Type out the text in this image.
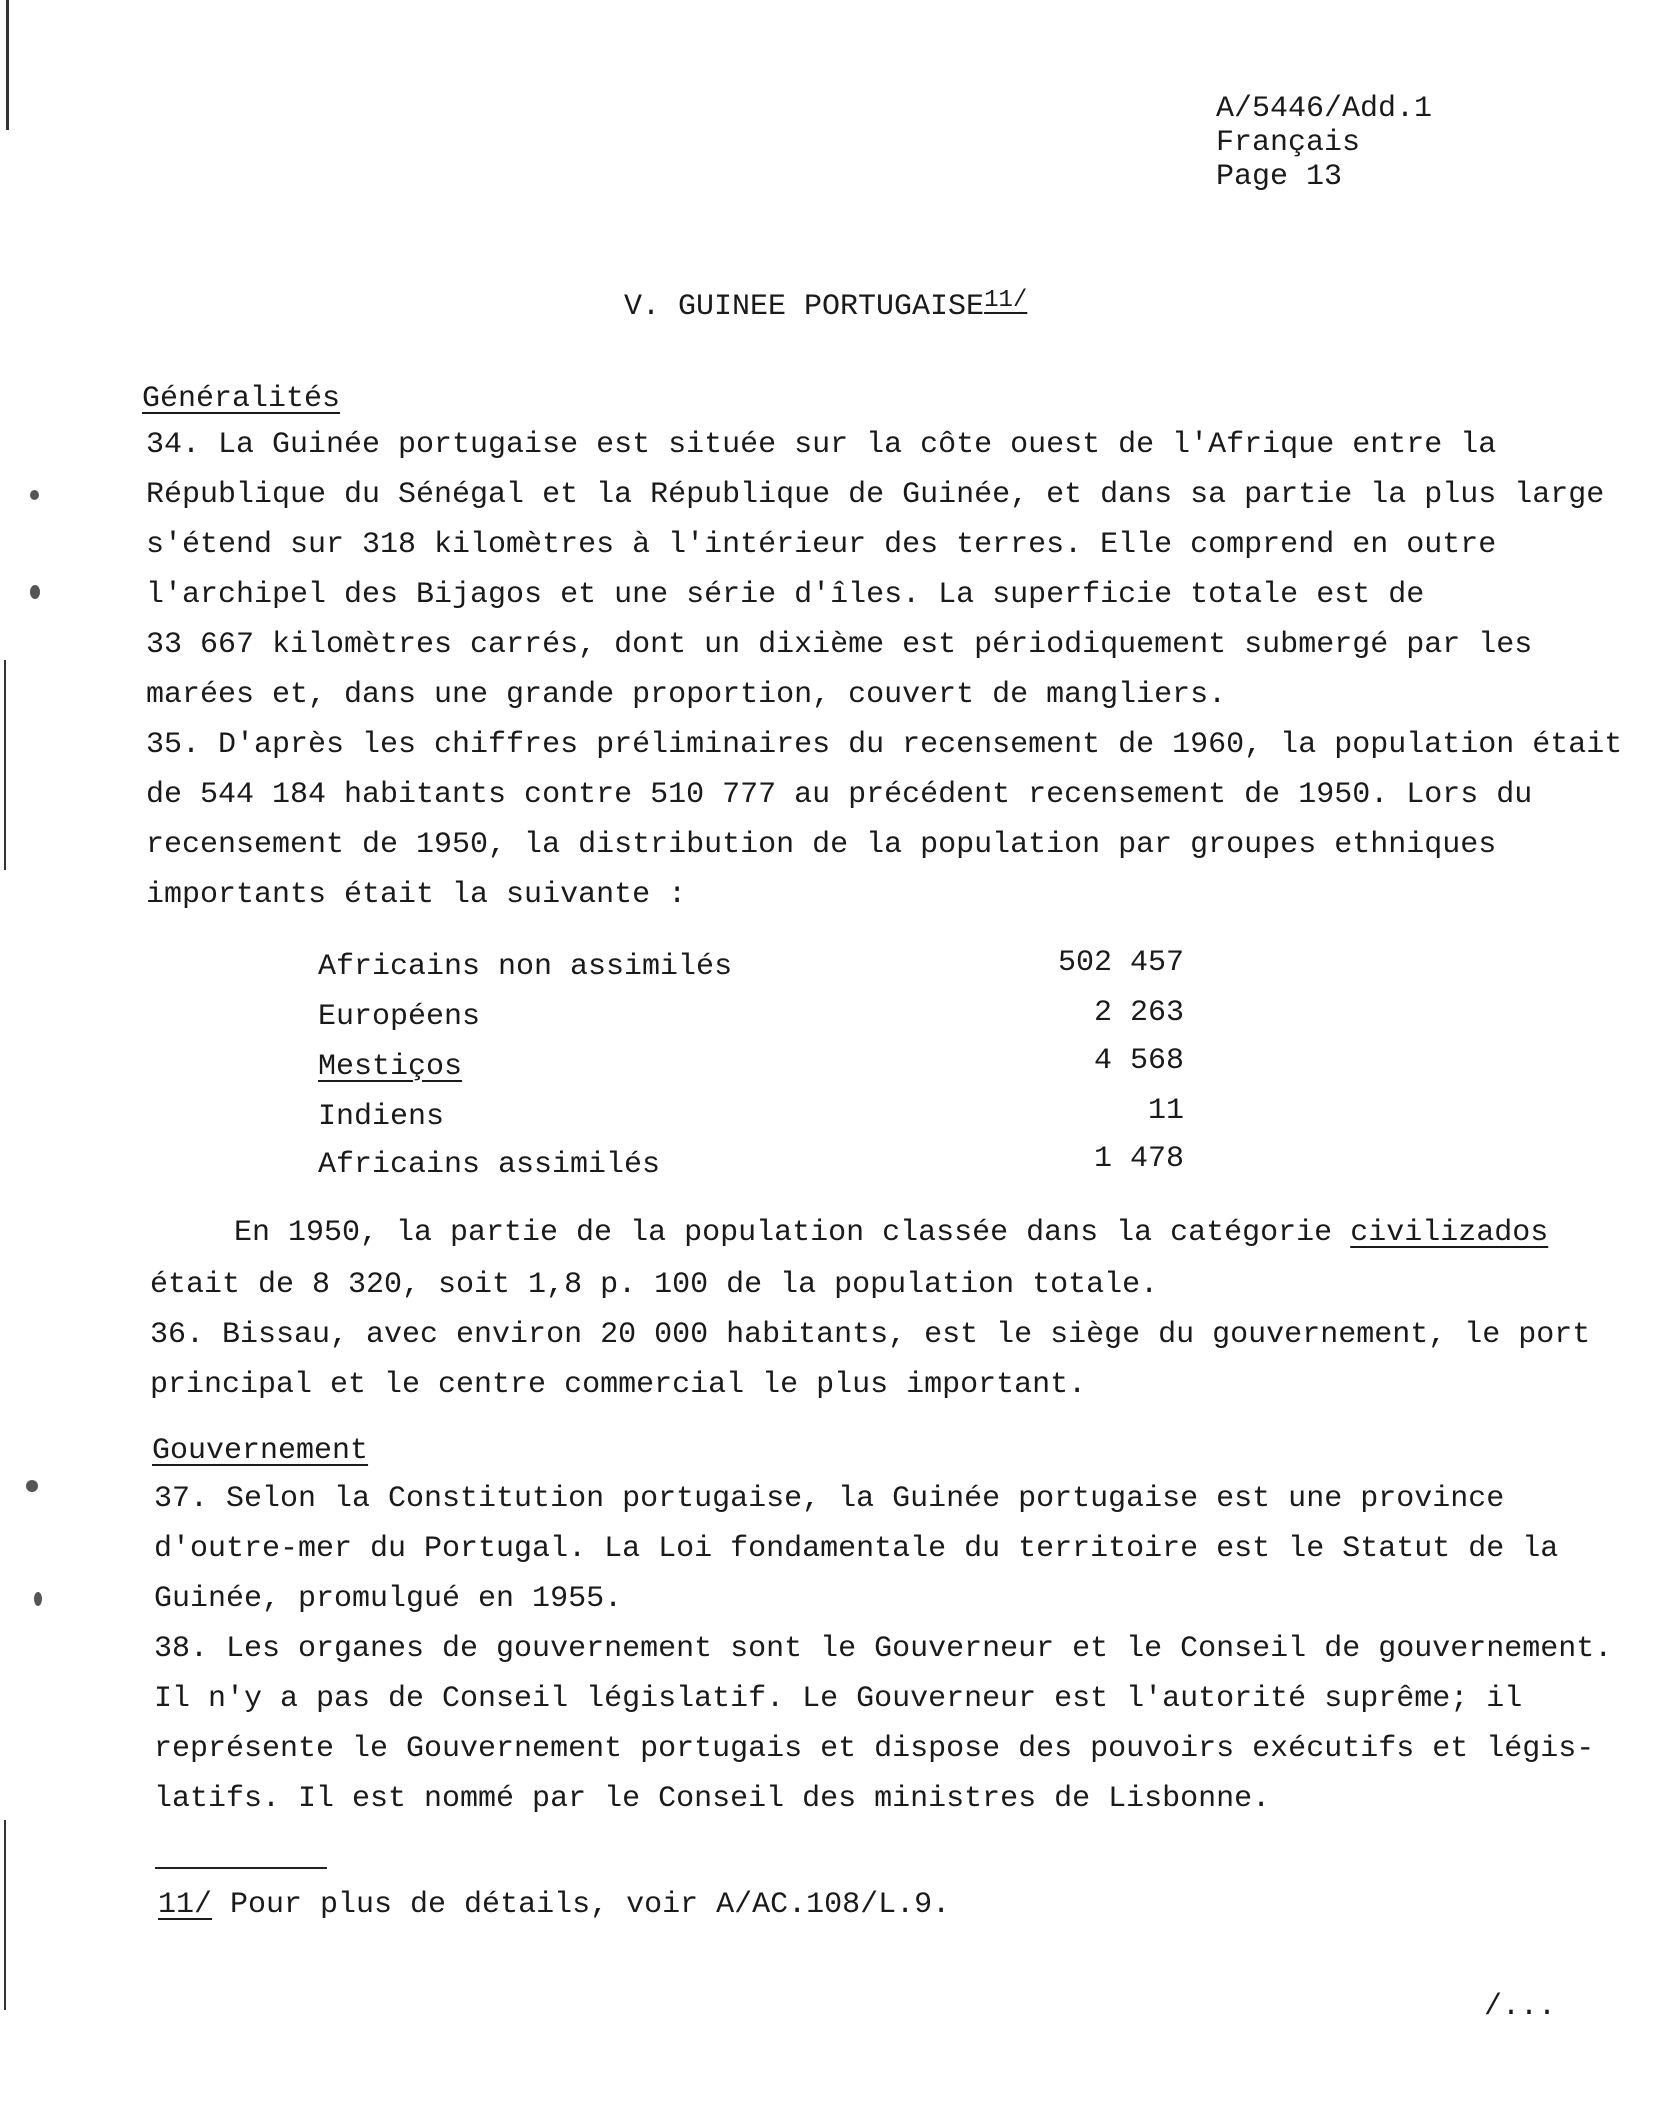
A/5446/Add.1
Français
Page 13
V. GUINEE $PORTUGAISE^{11/}$
Généralités
34. La Guinée portugaise est située sur la côte ouest de l'Afrique entre la
République du Sénégal et la République de Guinée, et dans sa partie la plus large
s'étend sur 318 kilomètres à l'intérieur des terres. Elle comprend en outre
l'archipel des Bijagos et une série d'îles. La superficie totale est de
33 667 kilomètres carrés, dont un dixième est périodiquement submergé par les
marées et, dans une grande proportion, couvert de mangliers.
35. D'après les chiffres préliminaires du recensement de 1960, la population était
de 544 184 habitants contre 510 777 au précédent recensement de 1950. Lors du
recensement de 1950, la distribution de la population par groupes ethniques
importants était la suivante :
Africains non assimilés	502 457
Européens	2 263
Mestiços	4 568
Indiens	11
Africains assimilés	1 478
En 1950, la partie de la population classée dans la catégorie civilizados
était de 8 320, soit 1,8 p. 100 de la population totale.
36. Bissau, avec environ 20 000 habitants, est le siège du gouvernement, le port
principal et le centre commercial le plus important.
Gouvernement
37. Selon la Constitution portugaise, la Guinée portugaise est une province
d'outre-mer du Portugal. La Loi fondamentale du territoire est le Statut de la
Guinée, promulgué en 1955.
38. Les organes de gouvernement sont le Gouverneur et le Conseil de gouvernement.
Il n'y a pas de Conseil législatif. Le Gouverneur est l'autorité suprême; il
représente le Gouvernement portugais et dispose des pouvoirs exécutifs et légis-
latifs. Il est nommé par le Conseil des ministres de Lisbonne.
11/ Pour plus de détails, voir A/AC.108/L.9.
/...
